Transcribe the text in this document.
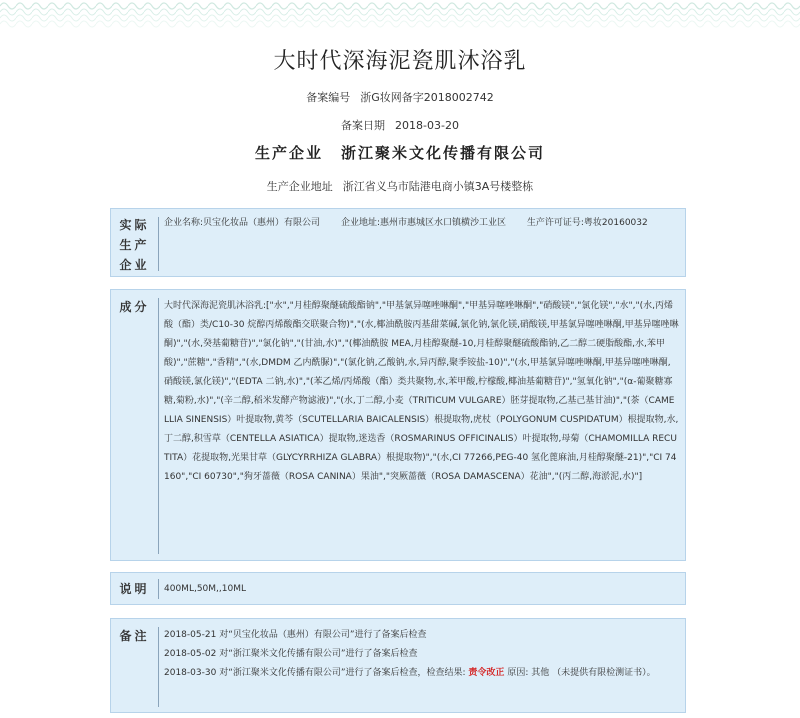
大时代深海泥瓷肌沐浴乳
备案编号 浙G妆网备字2018002742
备案日期 2018-03-20
生产企业 浙江聚米文化传播有限公司
生产企业地址 浙江省义乌市陆港电商小镇3A号楼整栋
实际
生产
企业
企业名称:贝宝化妆品（惠州）有限公司 企业地址:惠州市惠城区水口镇横沙工业区 生产许可证号:粤妆20160032
成分	大时代深海泥瓷肌沐浴乳:["水","月桂醇聚醚硫酸酯钠","甲基氯异噻唑啉酮","甲基异噻唑啉酮","硝酸镁","氯化镁","水","(水,丙烯酸（酯）类/C10-30 烷醇丙烯酸酯交联聚合物)","(水,椰油酰胺丙基甜菜碱,氯化钠,氯化镁,硝酸镁,甲基氯异噻唑啉酮,甲基异噻唑啉酮)","(水,癸基葡糖苷)","氯化钠","(甘油,水)","(椰油酰胺 MEA,月桂醇聚醚-10,月桂醇聚醚硫酸酯钠,乙二醇二硬脂酸酯,水,苯甲酸)","蔗糖","香精","(水,DMDM 乙内酰脲)","(氯化钠,乙酸钠,水,异丙醇,聚季铵盐-10)","(水,甲基氯异噻唑啉酮,甲基异噻唑啉酮,硝酸镁,氯化镁)","(EDTA 二钠,水)","(苯乙烯/丙烯酸（酯）类共聚物,水,苯甲酸,柠檬酸,椰油基葡糖苷)","氢氧化钠","(α-葡聚糖寡糖,菊粉,水)","(辛二醇,稻米发酵产物滤液)","(水,丁二醇,小麦（TRITICUM VULGARE）胚芽提取物,乙基己基甘油)","(茶（CAMELLIA SINENSIS）叶提取物,黄芩（SCUTELLARIA BAICALENSIS）根提取物,虎杖（POLYGONUM CUSPIDATUM）根提取物,水,丁二醇,积雪草（CENTELLA ASIATICA）提取物,迷迭香（ROSMARINUS OFFICINALIS）叶提取物,母菊（CHAMOMILLA RECUTITA）花提取物,光果甘草（GLYCYRRHIZA GLABRA）根提取物)","(水,CI 77266,PEG-40 氢化蓖麻油,月桂醇聚醚-21)","CI 74160","CI 60730","狗牙蔷薇（ROSA CANINA）果油","突厥蔷薇（ROSA DAMASCENA）花油","(丙二醇,海淤泥,水)"]
说明	400ML,50M,,10ML
备注	2018-05-21 对“贝宝化妆品（惠州）有限公司”进行了备案后检查
2018-05-02 对“浙江聚米文化传播有限公司”进行了备案后检查
2018-03-30 对“浙江聚米文化传播有限公司”进行了备案后检查，检查结果: 责令改正 原因: 其他 （未提供有限检测证书）。
